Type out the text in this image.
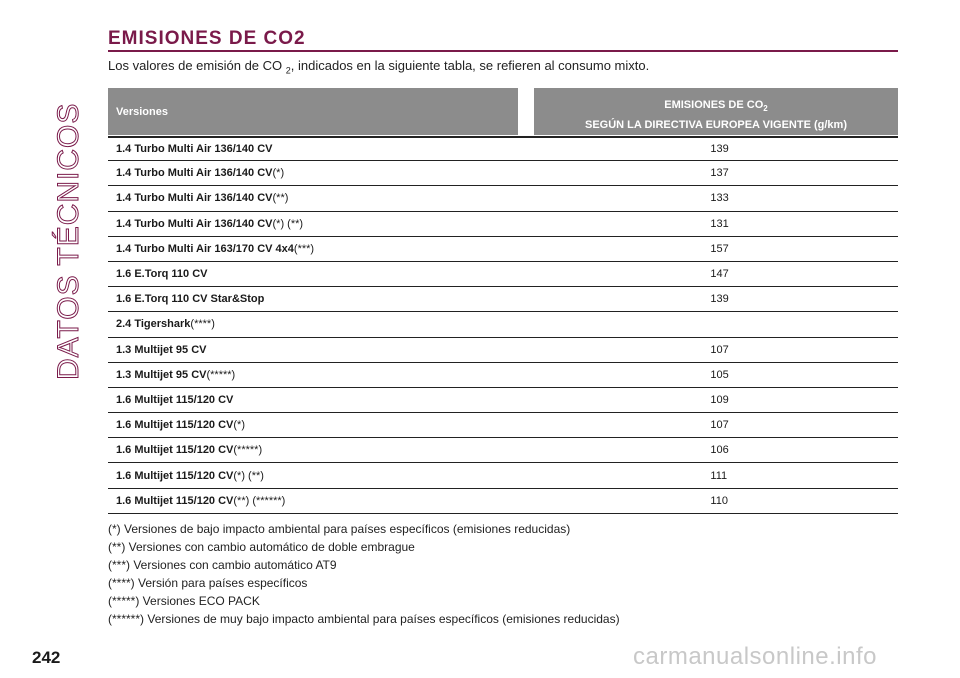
DATOS TÉCNICOS
EMISIONES DE CO2
Los valores de emisión de CO $_2$, indicados en la siguiente tabla, se refieren al consumo mixto.
Versiones
EMISIONES DE $CO_2$
SEGÚN LA DIRECTIVA EUROPEA VIGENTE (g/km)
1.4 Turbo Multi Air 136/140 CV	139
1.4 Turbo Multi Air 136/140 CV(*)	137
1.4 Turbo Multi Air 136/140 CV(**)	133
1.4 Turbo Multi Air 136/140 CV(*) (**)	131
1.4 Turbo Multi Air 163/170 CV 4x4(***)	157
1.6 E.Torq 110 CV	147
1.6 E.Torq 110 CV Star&Stop	139
2.4 Tigershark(****)
1.3 Multijet 95 CV	107
1.3 Multijet 95 CV(*****)	105
1.6 Multijet 115/120 CV	109
1.6 Multijet 115/120 CV(*)	107
1.6 Multijet 115/120 CV(*****)	106
1.6 Multijet 115/120 CV(*) (**)	111
1.6 Multijet 115/120 CV(**) (******)	110
(*) Versiones de bajo impacto ambiental para países específicos (emisiones reducidas)
(**) Versiones con cambio automático de doble embrague
(***) Versiones con cambio automático AT9
(****) Versión para países específicos
(*****) Versiones ECO PACK
(******) Versiones de muy bajo impacto ambiental para países específicos (emisiones reducidas)
242	carmanualsonline.info
